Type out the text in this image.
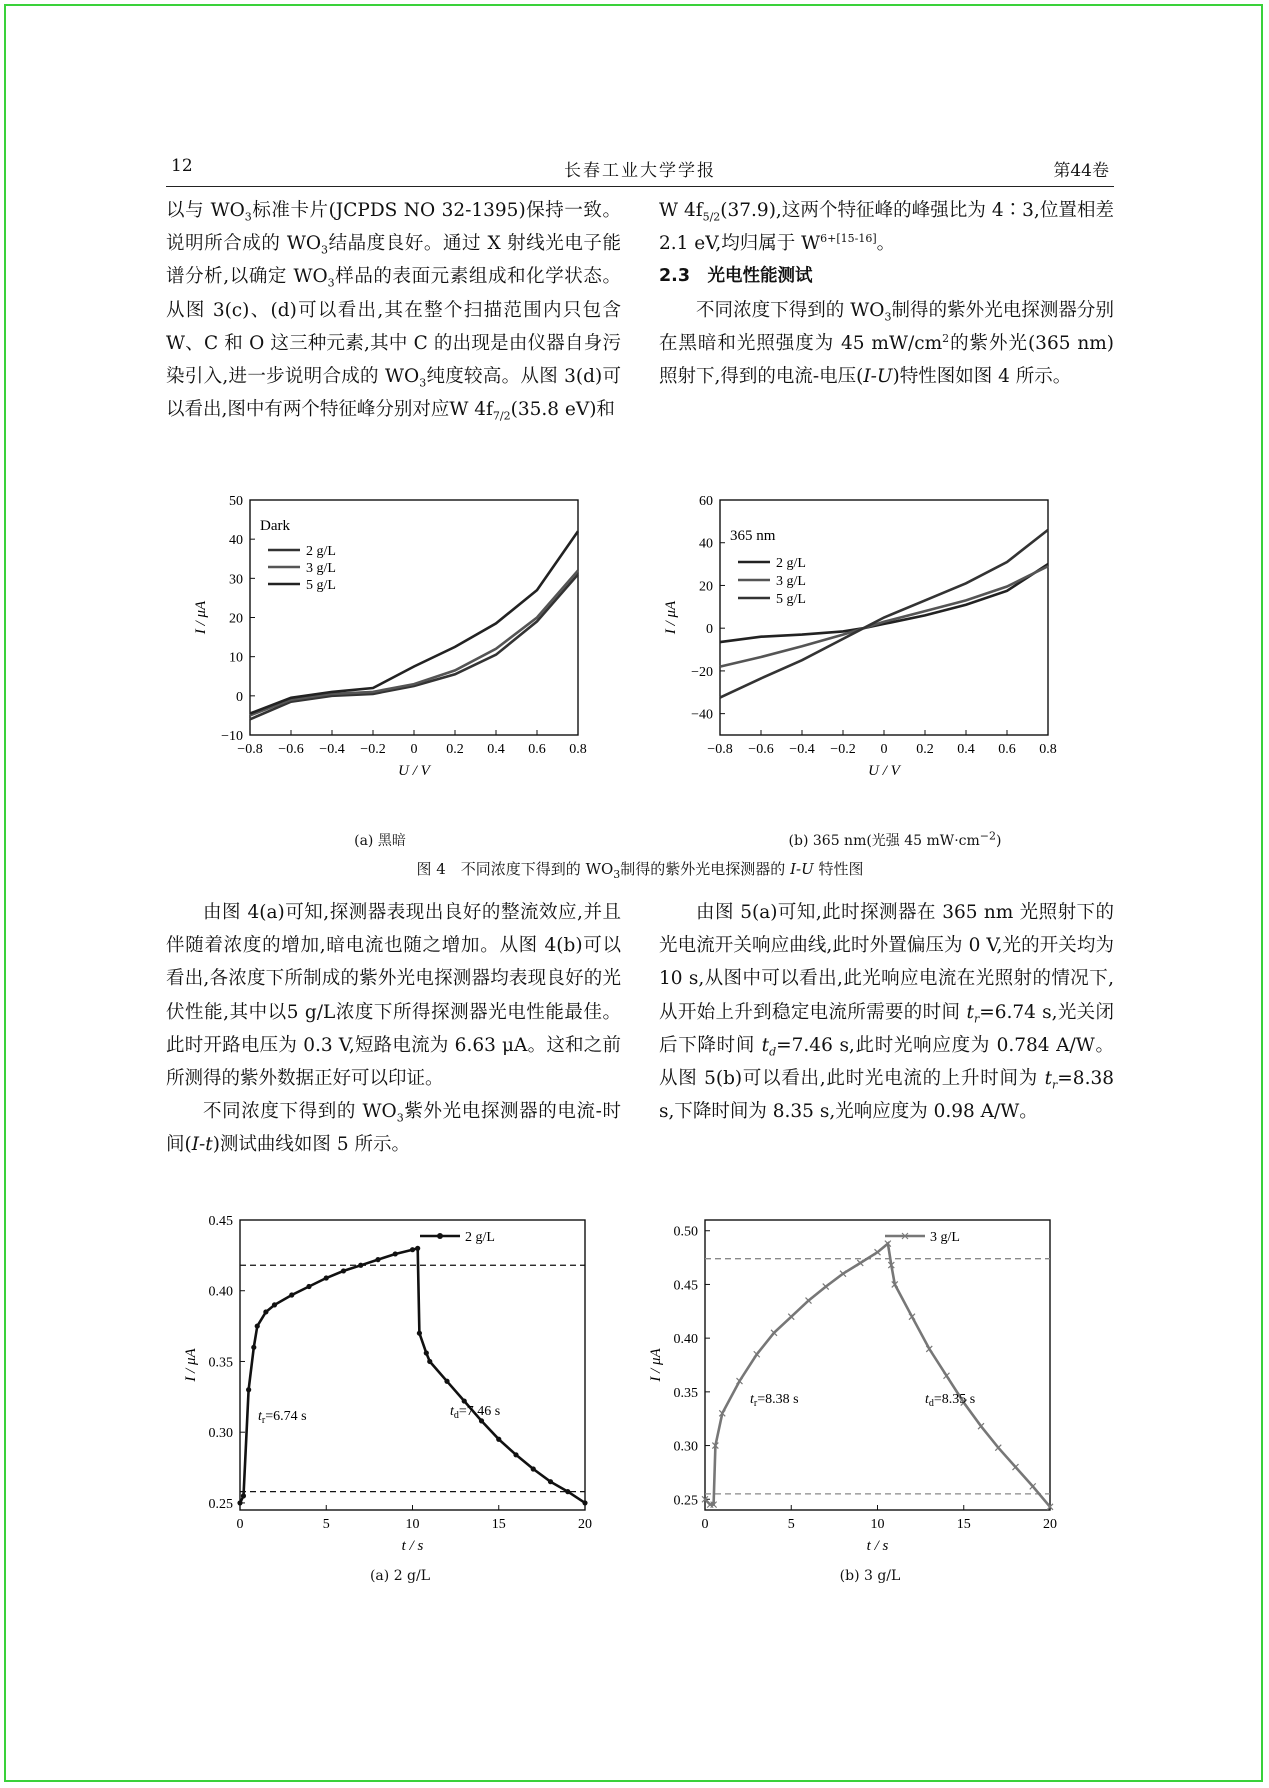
12	长春工业大学学报	第44卷

以与 $WO_3$标准卡片(JCPDS NO 32-1395)保持一致。说明所合成的 $WO_3$结晶度良好。通过 X 射线光电子能谱分析,以确定 $WO_3$样品的表面元素组成和化学状态。从图 3(c)、(d)可以看出,其在整个扫描范围内只包含 W、C 和 O 这三种元素,其中 C 的出现是由仪器自身污染引入,进一步说明合成的 $WO_3$纯度较高。从图 3(d)可以看出,图中有两个特征峰分别对应W $4f_{7/2}(35.8$ eV)和

W $4f_{5/2}(37.9)$,这两个特征峰的峰强比为 4∶3,位置相差 2.1 eV,均归属于 $W^{6+[15-16]}$。

2.3　光电性能测试

不同浓度下得到的 $WO_3$制得的紫外光电探测器分别在黑暗和光照强度为 45 $mW/cm^2$的紫外光(365 nm)照射下,得到的电流-电压(I-U)特性图如图 4 所示。

−0.8 −0.6 −0.4 −0.2 0 0.2 0.4 0.6 0.8
−10
0
10
20
30
40
50
U / V
I / μA
Dark
2 g/L
3 g/L
5 g/L
−0.8 −0.6 −0.4 −0.2 0 0.2 0.4 0.6 0.8
−40
−20
0
20
40
60
U / V
I / μA
365 nm
2 g/L
3 g/L
5 g/L
(a) 黑暗	(b) 365 nm(光强 45 $mW\cdot cm^{-2}$)
图 4　不同浓度下得到的 $WO_3$制得的紫外光电探测器的 I-U 特性图

由图 4(a)可知,探测器表现出良好的整流效应,并且伴随着浓度的增加,暗电流也随之增加。从图 4(b)可以看出,各浓度下所制成的紫外光电探测器均表现良好的光伏性能,其中以5 g/L浓度下所得探测器光电性能最佳。此时开路电压为 0.3 V,短路电流为 6.63 μA。这和之前所测得的紫外数据正好可以印证。

不同浓度下得到的 $WO_3$紫外光电探测器的电流-时间(I-t)测试曲线如图 5 所示。

由图 5(a)可知,此时探测器在 365 nm 光照射下的光电流开关响应曲线,此时外置偏压为 0 V,光的开关均为 10 s,从图中可以看出,此光响应电流在光照射的情况下,从开始上升到稳定电流所需要的时间 $t_r=6.74$ s,光关闭后下降时间 $t_d=7.46$ s,此时光响应度为 0.784 A/W。从图 5(b)可以看出,此时光电流的上升时间为 $t_r=8.38$ s,下降时间为 8.35 s,光响应度为 0.98 A/W。

0	5	10	15	20
0.25
0.30
0.35
0.40
0.45
t / s
I / μA
2 g/L
$t_r=6.74$ s	$t_d=7.46$ s
0	5	10	15	20
0.25
0.30
0.35
0.40
0.45
0.50
t / s
I / μA
3 g/L
$t_r=8.38$ s	$t_d=8.35$ s
(a) 2 g/L	(b) 3 g/L
